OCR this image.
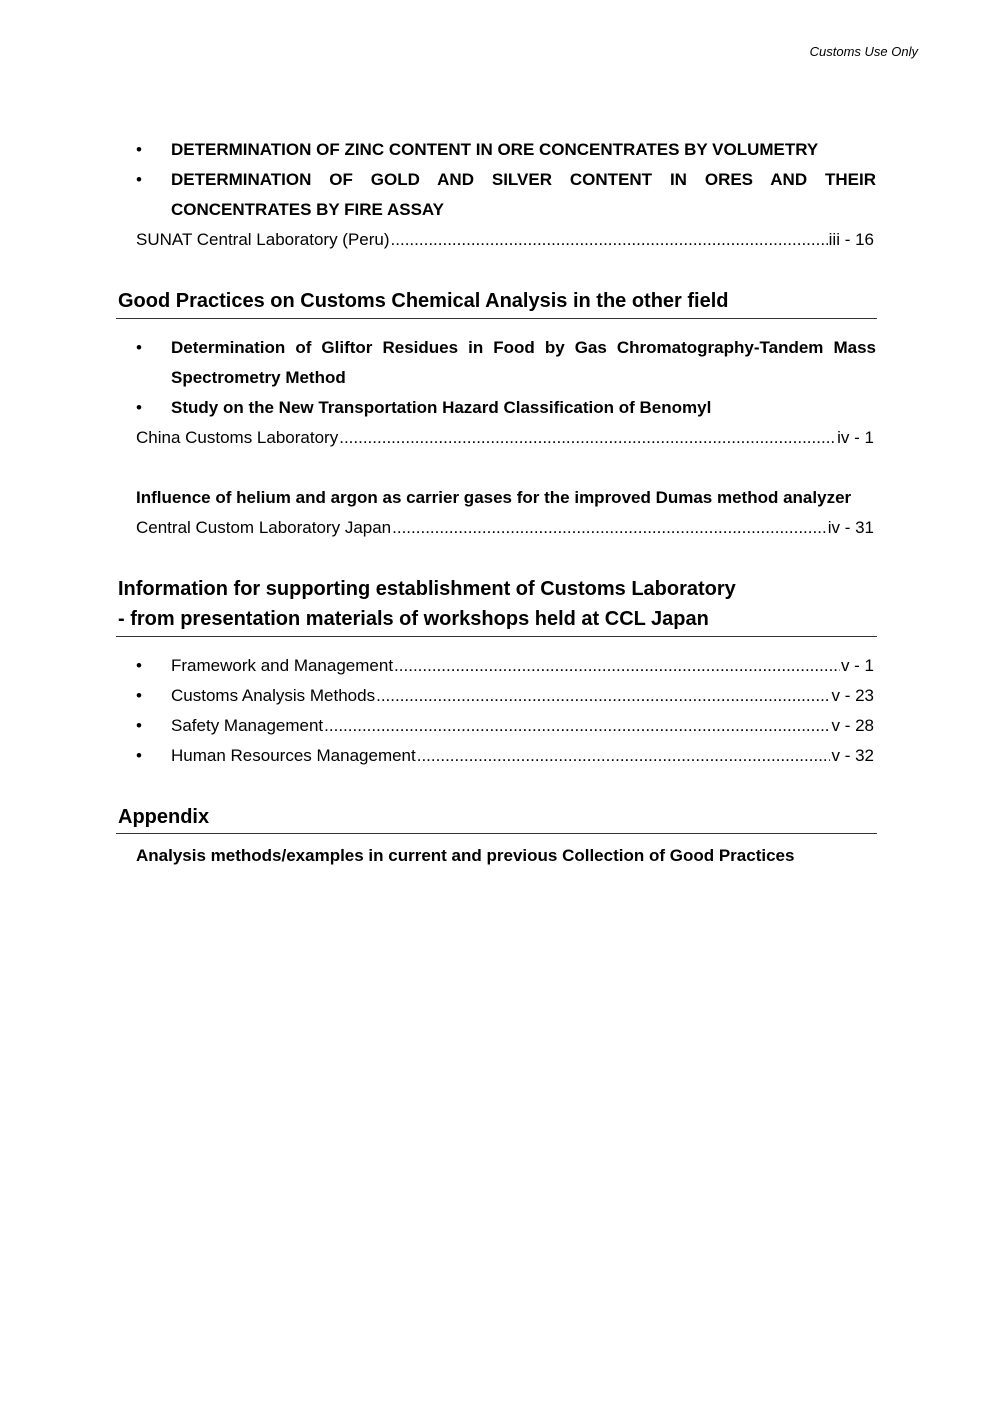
Customs Use Only
•	DETERMINATION OF ZINC CONTENT IN ORE CONCENTRATES BY VOLUMETRY
•	DETERMINATION OF GOLD AND SILVER CONTENT IN ORES AND THEIR
CONCENTRATES BY FIRE ASSAY
SUNAT Central Laboratory (Peru) .....	iii - 16
Good Practices on Customs Chemical Analysis in the other field
•	Determination of Gliftor Residues in Food by Gas Chromatography-Tandem Mass
Spectrometry Method
•	Study on the New Transportation Hazard Classification of Benomyl
China Customs Laboratory .....	iv - 1
Influence of helium and argon as carrier gases for the improved Dumas method analyzer
Central Custom Laboratory Japan .....	iv - 31
Information for supporting establishment of Customs Laboratory
- from presentation materials of workshops held at CCL Japan
•	Framework and Management .....	v - 1
•	Customs Analysis Methods .....	v - 23
•	Safety Management .....	v - 28
•	Human Resources Management .....	v - 32
Appendix
Analysis methods/examples in current and previous Collection of Good Practices
